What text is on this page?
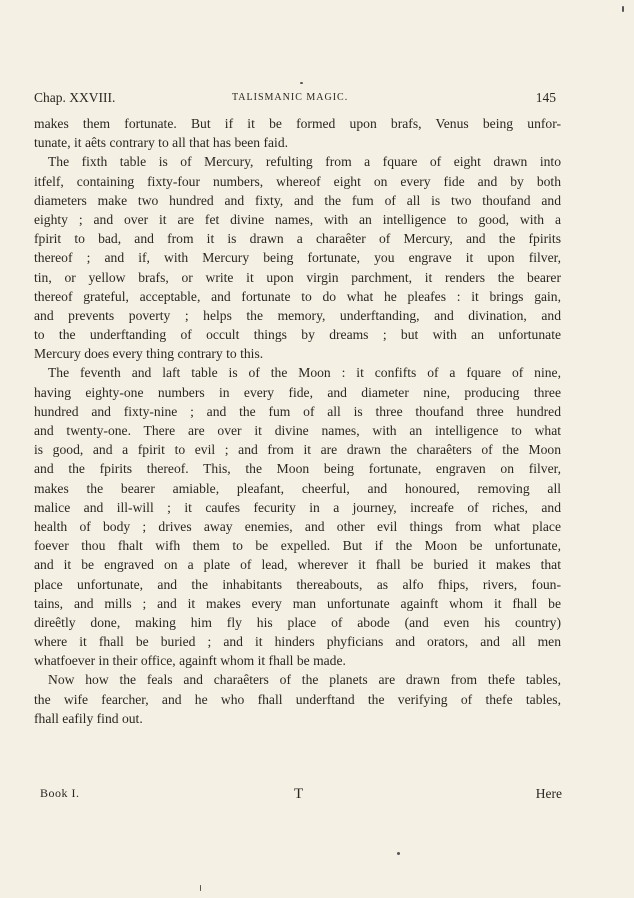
Chap. XXVIII.	TALISMANIC MAGIC.	145
makes them fortunate. But if it be formed upon brafs, Venus being unfor-
tunate, it aêts contrary to all that has been faid.
The fixth table is of Mercury, refulting from a fquare of eight drawn into
itfelf, containing fixty-four numbers, whereof eight on every fide and by both
diameters make two hundred and fixty, and the fum of all is two thoufand and
eighty ; and over it are fet divine names, with an intelligence to good, with a
fpirit to bad, and from it is drawn a charaêter of Mercury, and the fpirits
thereof ; and if, with Mercury being fortunate, you engrave it upon filver,
tin, or yellow brafs, or write it upon virgin parchment, it renders the bearer
thereof grateful, acceptable, and fortunate to do what he pleafes : it brings gain,
and prevents poverty ; helps the memory, underftanding, and divination, and
to the underftanding of occult things by dreams ; but with an unfortunate
Mercury does every thing contrary to this.
The feventh and laft table is of the Moon : it confifts of a fquare of nine,
having eighty-one numbers in every fide, and diameter nine, producing three
hundred and fixty-nine ; and the fum of all is three thoufand three hundred
and twenty-one. There are over it divine names, with an intelligence to what
is good, and a fpirit to evil ; and from it are drawn the charaêters of the Moon
and the fpirits thereof. This, the Moon being fortunate, engraven on filver,
makes the bearer amiable, pleafant, cheerful, and honoured, removing all
malice and ill-will ; it caufes fecurity in a journey, increafe of riches, and
health of body ; drives away enemies, and other evil things from what place
foever thou fhalt wifh them to be expelled. But if the Moon be unfortunate,
and it be engraved on a plate of lead, wherever it fhall be buried it makes that
place unfortunate, and the inhabitants thereabouts, as alfo fhips, rivers, foun-
tains, and mills ; and it makes every man unfortunate againft whom it fhall be
direêtly done, making him fly his place of abode (and even his country)
where it fhall be buried ; and it hinders phyficians and orators, and all men
whatfoever in their office, againft whom it fhall be made.
Now how the feals and charaêters of the planets are drawn from thefe tables,
the wife fearcher, and he who fhall underftand the verifying of thefe tables,
fhall eafily find out.
Book I.	T	Here
